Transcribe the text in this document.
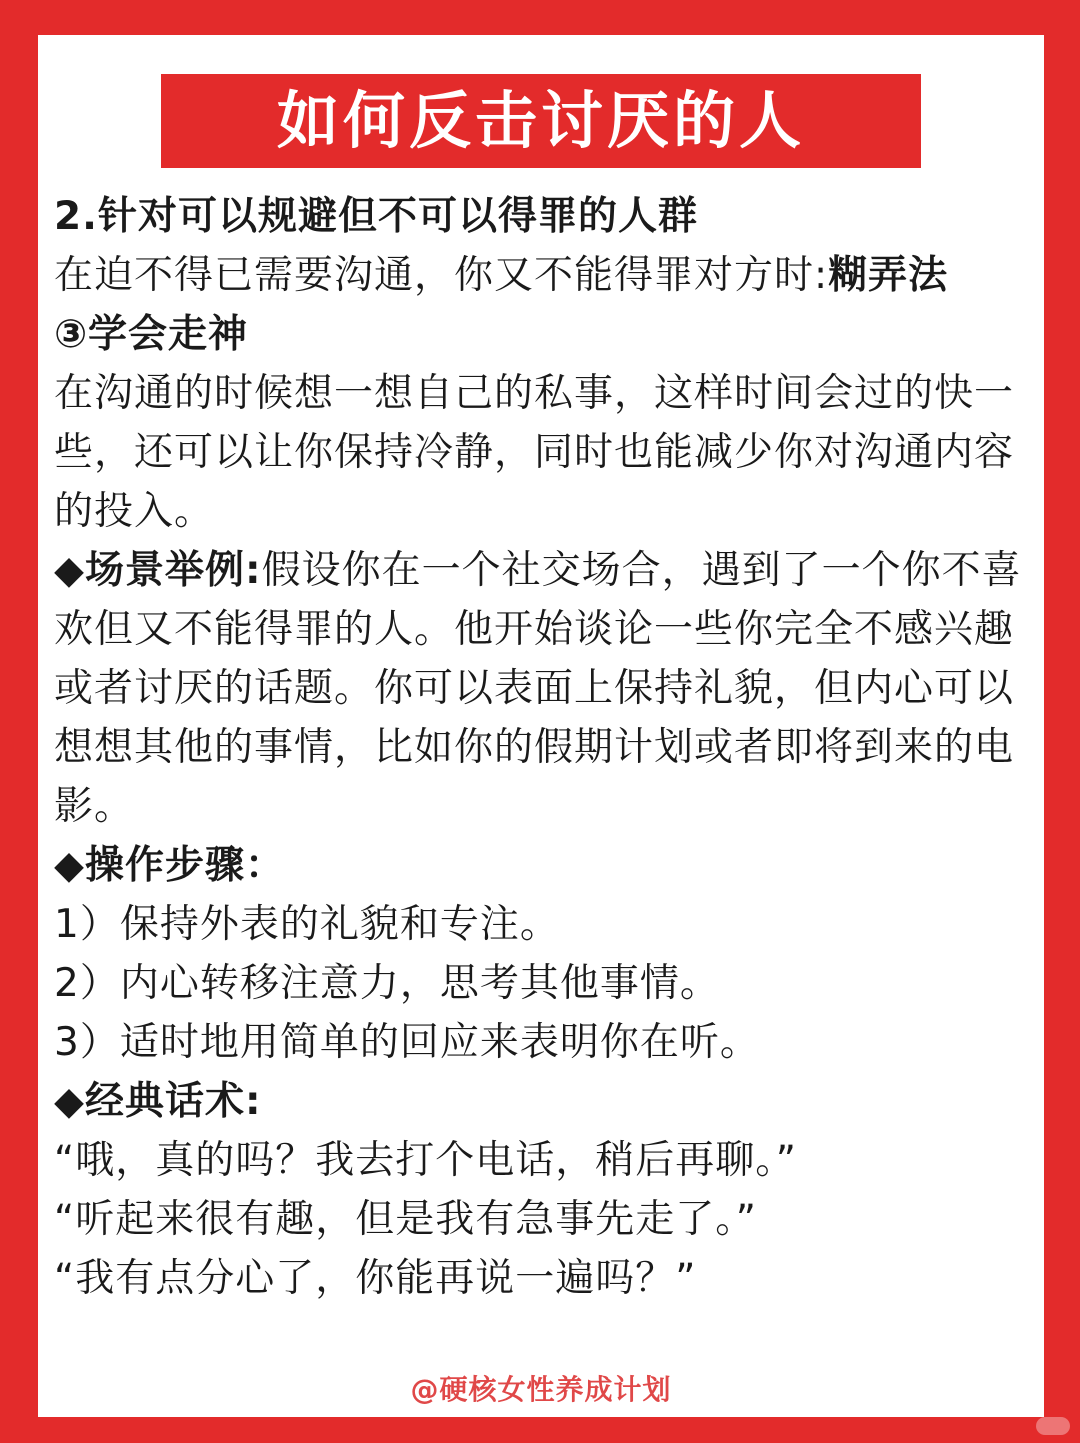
如何反击讨厌的人

2.针对可以规避但不可以得罪的人群

在迫不得已需要沟通，你又不能得罪对方时:糊弄法

③学会走神

在沟通的时候想一想自己的私事，这样时间会过的快一些，还可以让你保持冷静，同时也能减少你对沟通内容的投入。

◆场景举例:假设你在一个社交场合，遇到了一个你不喜欢但又不能得罪的人。他开始谈论一些你完全不感兴趣或者讨厌的话题。你可以表面上保持礼貌，但内心可以想想其他的事情，比如你的假期计划或者即将到来的电影。

◆操作步骤：

1）保持外表的礼貌和专注。

2）内心转移注意力，思考其他事情。

3）适时地用简单的回应来表明你在听。

◆经典话术:

“哦，真的吗？我去打个电话，稍后再聊。”

“听起来很有趣，但是我有急事先走了。”

“我有点分心了，你能再说一遍吗？”

@硬核女性养成计划
